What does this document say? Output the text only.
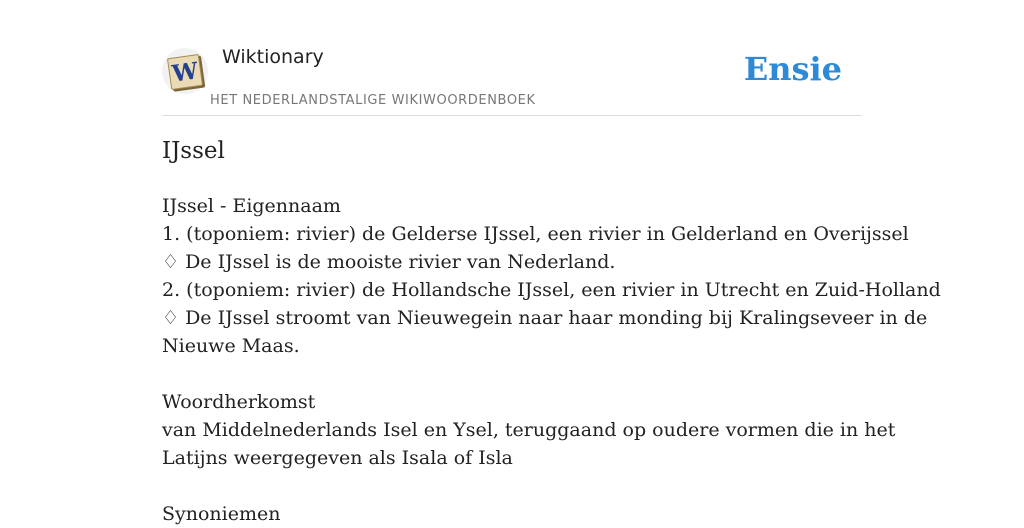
W
Wiktionary
HET NEDERLANDSTALIGE WIKIWOORDENBOEK
Ensie
IJssel
IJssel - Eigennaam
1. (toponiem: rivier) de Gelderse IJssel, een rivier in Gelderland en Overijssel
♢ De IJssel is de mooiste rivier van Nederland.
2. (toponiem: rivier) de Hollandsche IJssel, een rivier in Utrecht en Zuid-Holland
♢ De IJssel stroomt van Nieuwegein naar haar monding bij Kralingseveer in de
Nieuwe Maas.
Woordherkomst
van Middelnederlands Isel en Ysel, teruggaand op oudere vormen die in het
Latijns weergegeven als Isala of Isla
Synoniemen
